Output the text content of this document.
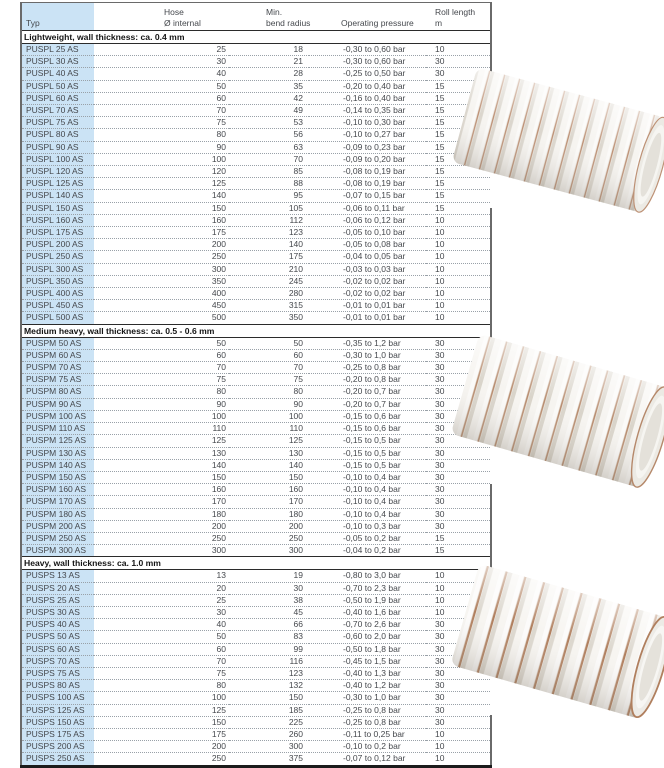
Typ

Hose
Ø internal

Min.
bend radius	Operating pressure

Roll length
m

Lightweight, wall thickness: ca. 0.4 mm				
PUSPL 25 AS	25	18	-0,30 to 0,60 bar	10
PUSPL 30 AS	30	21	-0,30 to 0,60 bar	30
PUSPL 40 AS	40	28	-0,25 to 0,50 bar	30
PUSPL 50 AS	50	35	-0,20 to 0,40 bar	15
PUSPL 60 AS	60	42	-0,16 to 0,40 bar	15
PUSPL 70 AS	70	49	-0,14 to 0,35 bar	15
PUSPL 75 AS	75	53	-0,10 to 0,30 bar	15
PUSPL 80 AS	80	56	-0,10 to 0,27 bar	15
PUSPL 90 AS	90	63	-0,09 to 0,23 bar	15
PUSPL 100 AS	100	70	-0,09 to 0,20 bar	15
PUSPL 120 AS	120	85	-0,08 to 0,19 bar	15
PUSPL 125 AS	125	88	-0,08 to 0,19 bar	15
PUSPL 140 AS	140	95	-0,07 to 0,15 bar	15
PUSPL 150 AS	150	105	-0,06 to 0,11 bar	15
PUSPL 160 AS	160	112	-0,06 to 0,12 bar	10
PUSPL 175 AS	175	123	-0,05 to 0,10 bar	10
PUSPL 200 AS	200	140	-0,05 to 0,08 bar	10
PUSPL 250 AS	250	175	-0,04 to 0,05 bar	10
PUSPL 300 AS	300	210	-0,03 to 0,03 bar	10
PUSPL 350 AS	350	245	-0,02 to 0,02 bar	10
PUSPL 400 AS	400	280	-0,02 to 0,02 bar	10
PUSPL 450 AS	450	315	-0,01 to 0,01 bar	10
PUSPL 500 AS	500	350	-0,01 to 0,01 bar	10
Medium heavy, wall thickness: ca. 0.5 - 0.6 mm				
PUSPM 50 AS	50	50	-0,35 to 1,2 bar	30
PUSPM 60 AS	60	60	-0,30 to 1,0 bar	30
PUSPM 70 AS	70	70	-0,25 to 0,8 bar	30
PUSPM 75 AS	75	75	-0,20 to 0,8 bar	30
PUSPM 80 AS	80	80	-0,20 to 0,7 bar	30
PUSPM 90 AS	90	90	-0,20 to 0,7 bar	30
PUSPM 100 AS	100	100	-0,15 to 0,6 bar	30
PUSPM 110 AS	110	110	-0,15 to 0,6 bar	30
PUSPM 125 AS	125	125	-0,15 to 0,5 bar	30
PUSPM 130 AS	130	130	-0,15 to 0,5 bar	30
PUSPM 140 AS	140	140	-0,15 to 0,5 bar	30
PUSPM 150 AS	150	150	-0,10 to 0,4 bar	30
PUSPM 160 AS	160	160	-0,10 to 0,4 bar	30
PUSPM 170 AS	170	170	-0,10 to 0,4 bar	30
PUSPM 180 AS	180	180	-0,10 to 0,4 bar	30
PUSPM 200 AS	200	200	-0,10 to 0,3 bar	30
PUSPM 250 AS	250	250	-0,05 to 0,2 bar	15
PUSPM 300 AS	300	300	-0,04 to 0,2 bar	15
Heavy, wall thickness: ca. 1.0 mm				
PUSPS 13 AS	13	19	-0,80 to 3,0 bar	10
PUSPS 20 AS	20	30	-0,70 to 2,3 bar	10
PUSPS 25 AS	25	38	-0,50 to 1,9 bar	10
PUSPS 30 AS	30	45	-0,40 to 1,6 bar	10
PUSPS 40 AS	40	66	-0,70 to 2,6 bar	30
PUSPS 50 AS	50	83	-0,60 to 2,0 bar	30
PUSPS 60 AS	60	99	-0,50 to 1,8 bar	30
PUSPS 70 AS	70	116	-0,45 to 1,5 bar	30
PUSPS 75 AS	75	123	-0,40 to 1,3 bar	30
PUSPS 80 AS	80	132	-0,40 to 1,2 bar	30
PUSPS 100 AS	100	150	-0,30 to 1,0 bar	30
PUSPS 125 AS	125	185	-0,25 to 0,8 bar	30
PUSPS 150 AS	150	225	-0,25 to 0,8 bar	30
PUSPS 175 AS	175	260	-0,11 to 0,25 bar	10
PUSPS 200 AS	200	300	-0,10 to 0,2 bar	10
PUSPS 250 AS	250	375	-0,07 to 0,12 bar	10
